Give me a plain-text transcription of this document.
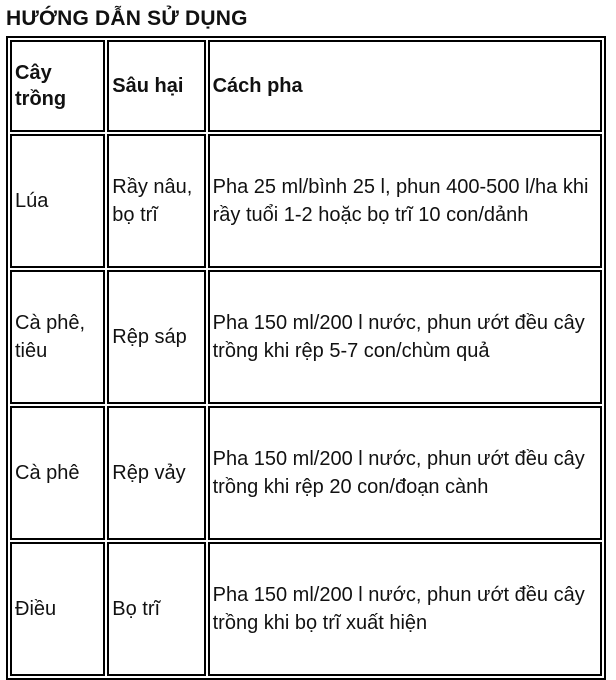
HƯỚNG DẪN SỬ DỤNG
Cây trồng	Sâu hại	Cách pha
Lúa	Rầy nâu, bọ trĩ	Pha 25 ml/bình 25 l, phun 400-500 l/ha khi rầy tuổi 1-2 hoặc bọ trĩ 10 con/dảnh
Cà phê, tiêu	Rệp sáp	Pha 150 ml/200 l nước, phun ướt đều cây trồng khi rệp 5-7 con/chùm quả
Cà phê	Rệp vảy	Pha 150 ml/200 l nước, phun ướt đều cây trồng khi rệp 20 con/đoạn cành
Điều	Bọ trĩ	Pha 150 ml/200 l nước, phun ướt đều cây trồng khi bọ trĩ xuất hiện
